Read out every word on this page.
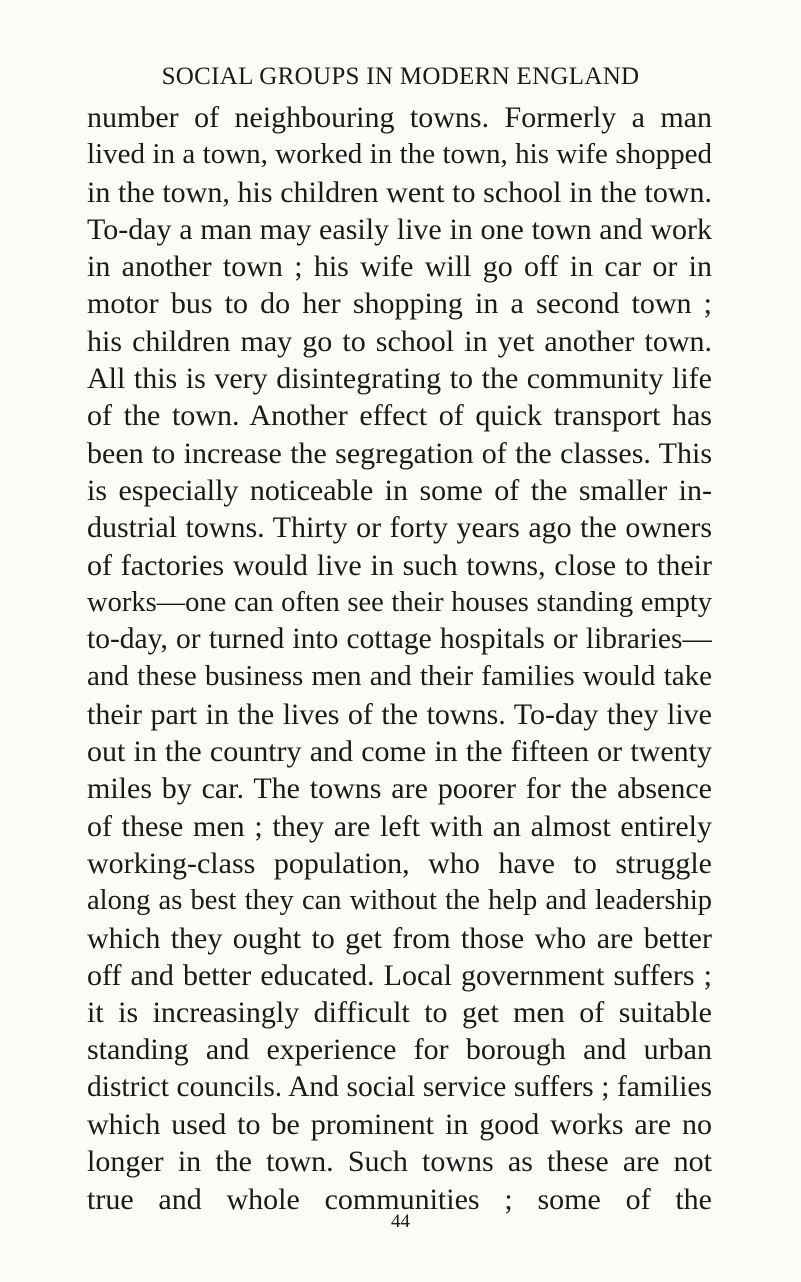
SOCIAL GROUPS IN MODERN ENGLAND
number of neighbouring towns. Formerly a man
lived in a town, worked in the town, his wife shopped
in the town, his children went to school in the town.
To-day a man may easily live in one town and work
in another town ; his wife will go off in car or in
motor bus to do her shopping in a second town ;
his children may go to school in yet another town.
All this is very disintegrating to the community life
of the town. Another effect of quick transport has
been to increase the segregation of the classes. This
is especially noticeable in some of the smaller in-
dustrial towns. Thirty or forty years ago the owners
of factories would live in such towns, close to their
works—one can often see their houses standing empty
to-day, or turned into cottage hospitals or libraries—
and these business men and their families would take
their part in the lives of the towns. To-day they live
out in the country and come in the fifteen or twenty
miles by car. The towns are poorer for the absence
of these men ; they are left with an almost entirely
working-class population, who have to struggle
along as best they can without the help and leadership
which they ought to get from those who are better
off and better educated. Local government suffers ;
it is increasingly difficult to get men of suitable
standing and experience for borough and urban
district councils. And social service suffers ; families
which used to be prominent in good works are no
longer in the town. Such towns as these are not
true and whole communities ; some of the
44
